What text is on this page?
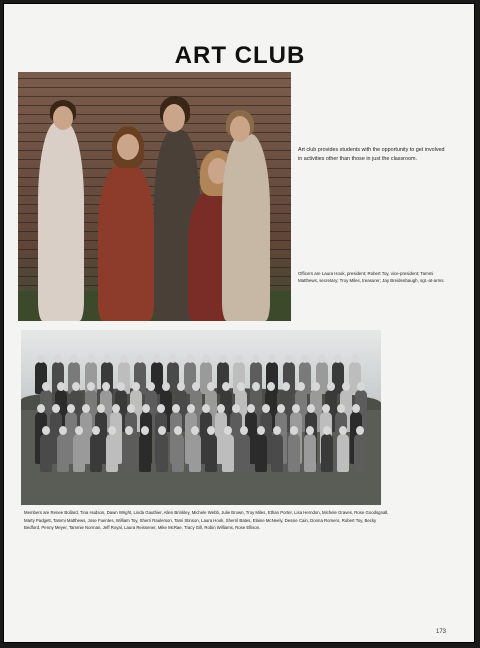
ART CLUB
Art club provides students with the opportunity to get involved in activities other than those in just the classroom.
Officers are Laura Hook, president; Robert Toy, vice-president; Tammi Matthews, secretary; Troy Miles, treasurer; Jay Breidenbaugh, sgt.-at-arms.
Members are Renee Bollard, Tina Hudson, Dawn Wright, Linda Gauthier, Allen Brinkley, Michele Webb, Julie Brown, Troy Miles, Ethan Porter, Lisa Herndon, Michele Graves, Rose Goodsgnall, Marty Padgett, Tammi Matthews, Jose Fuentes, William Toy, Sherri Raulerson, Tami Stinson, Laura Hook, Sherril Bates, Elaine McNeely, Dessie Cain, Donna Romero, Robert Toy, Becky Bedford, Penny Meyer, Tammie Norman, Jeff Royal, Laura Reissener, Mike McRae, Tracy Gill, Robin Williams, Rose Ellison.
173
